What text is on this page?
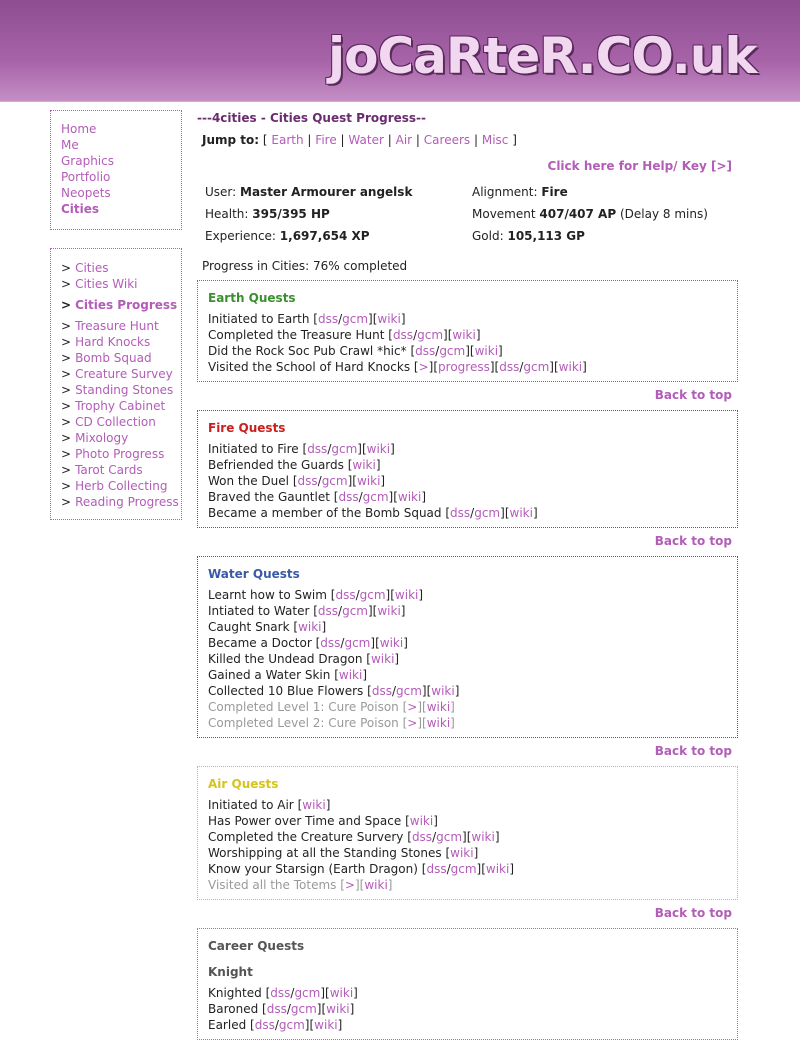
joCaRteR.CO.uk
Home
Me
Graphics
Portfolio
Neopets
Cities
> Cities
> Cities Wiki
> Cities Progress
> Treasure Hunt
> Hard Knocks
> Bomb Squad
> Creature Survey
> Standing Stones
> Trophy Cabinet
> CD Collection
> Mixology
> Photo Progress
> Tarot Cards
> Herb Collecting
> Reading Progress
---4cities - Cities Quest Progress--
Jump to: [ Earth | Fire | Water | Air | Careers | Misc ]
Click here for Help/ Key [>]
User: Master Armourer angelsk	Alignment: Fire
Health: 395/395 HP	Movement 407/407 AP (Delay 8 mins)
Experience: 1,697,654 XP	Gold: 105,113 GP
Progress in Cities: 76% completed
Earth Quests
Initiated to Earth [dss/gcm][wiki]
Completed the Treasure Hunt [dss/gcm][wiki]
Did the Rock Soc Pub Crawl *hic* [dss/gcm][wiki]
Visited the School of Hard Knocks [>][progress][dss/gcm][wiki]
Back to top
Fire Quests
Initiated to Fire [dss/gcm][wiki]
Befriended the Guards [wiki]
Won the Duel [dss/gcm][wiki]
Braved the Gauntlet [dss/gcm][wiki]
Became a member of the Bomb Squad [dss/gcm][wiki]
Back to top
Water Quests
Learnt how to Swim [dss/gcm][wiki]
Intiated to Water [dss/gcm][wiki]
Caught Snark [wiki]
Became a Doctor [dss/gcm][wiki]
Killed the Undead Dragon [wiki]
Gained a Water Skin [wiki]
Collected 10 Blue Flowers [dss/gcm][wiki]
Completed Level 1: Cure Poison [>][wiki]
Completed Level 2: Cure Poison [>][wiki]
Back to top
Air Quests
Initiated to Air [wiki]
Has Power over Time and Space [wiki]
Completed the Creature Survery [dss/gcm][wiki]
Worshipping at all the Standing Stones [wiki]
Know your Starsign (Earth Dragon) [dss/gcm][wiki]
Visited all the Totems [>][wiki]
Back to top
Career Quests
Knight
Knighted [dss/gcm][wiki]
Baroned [dss/gcm][wiki]
Earled [dss/gcm][wiki]
